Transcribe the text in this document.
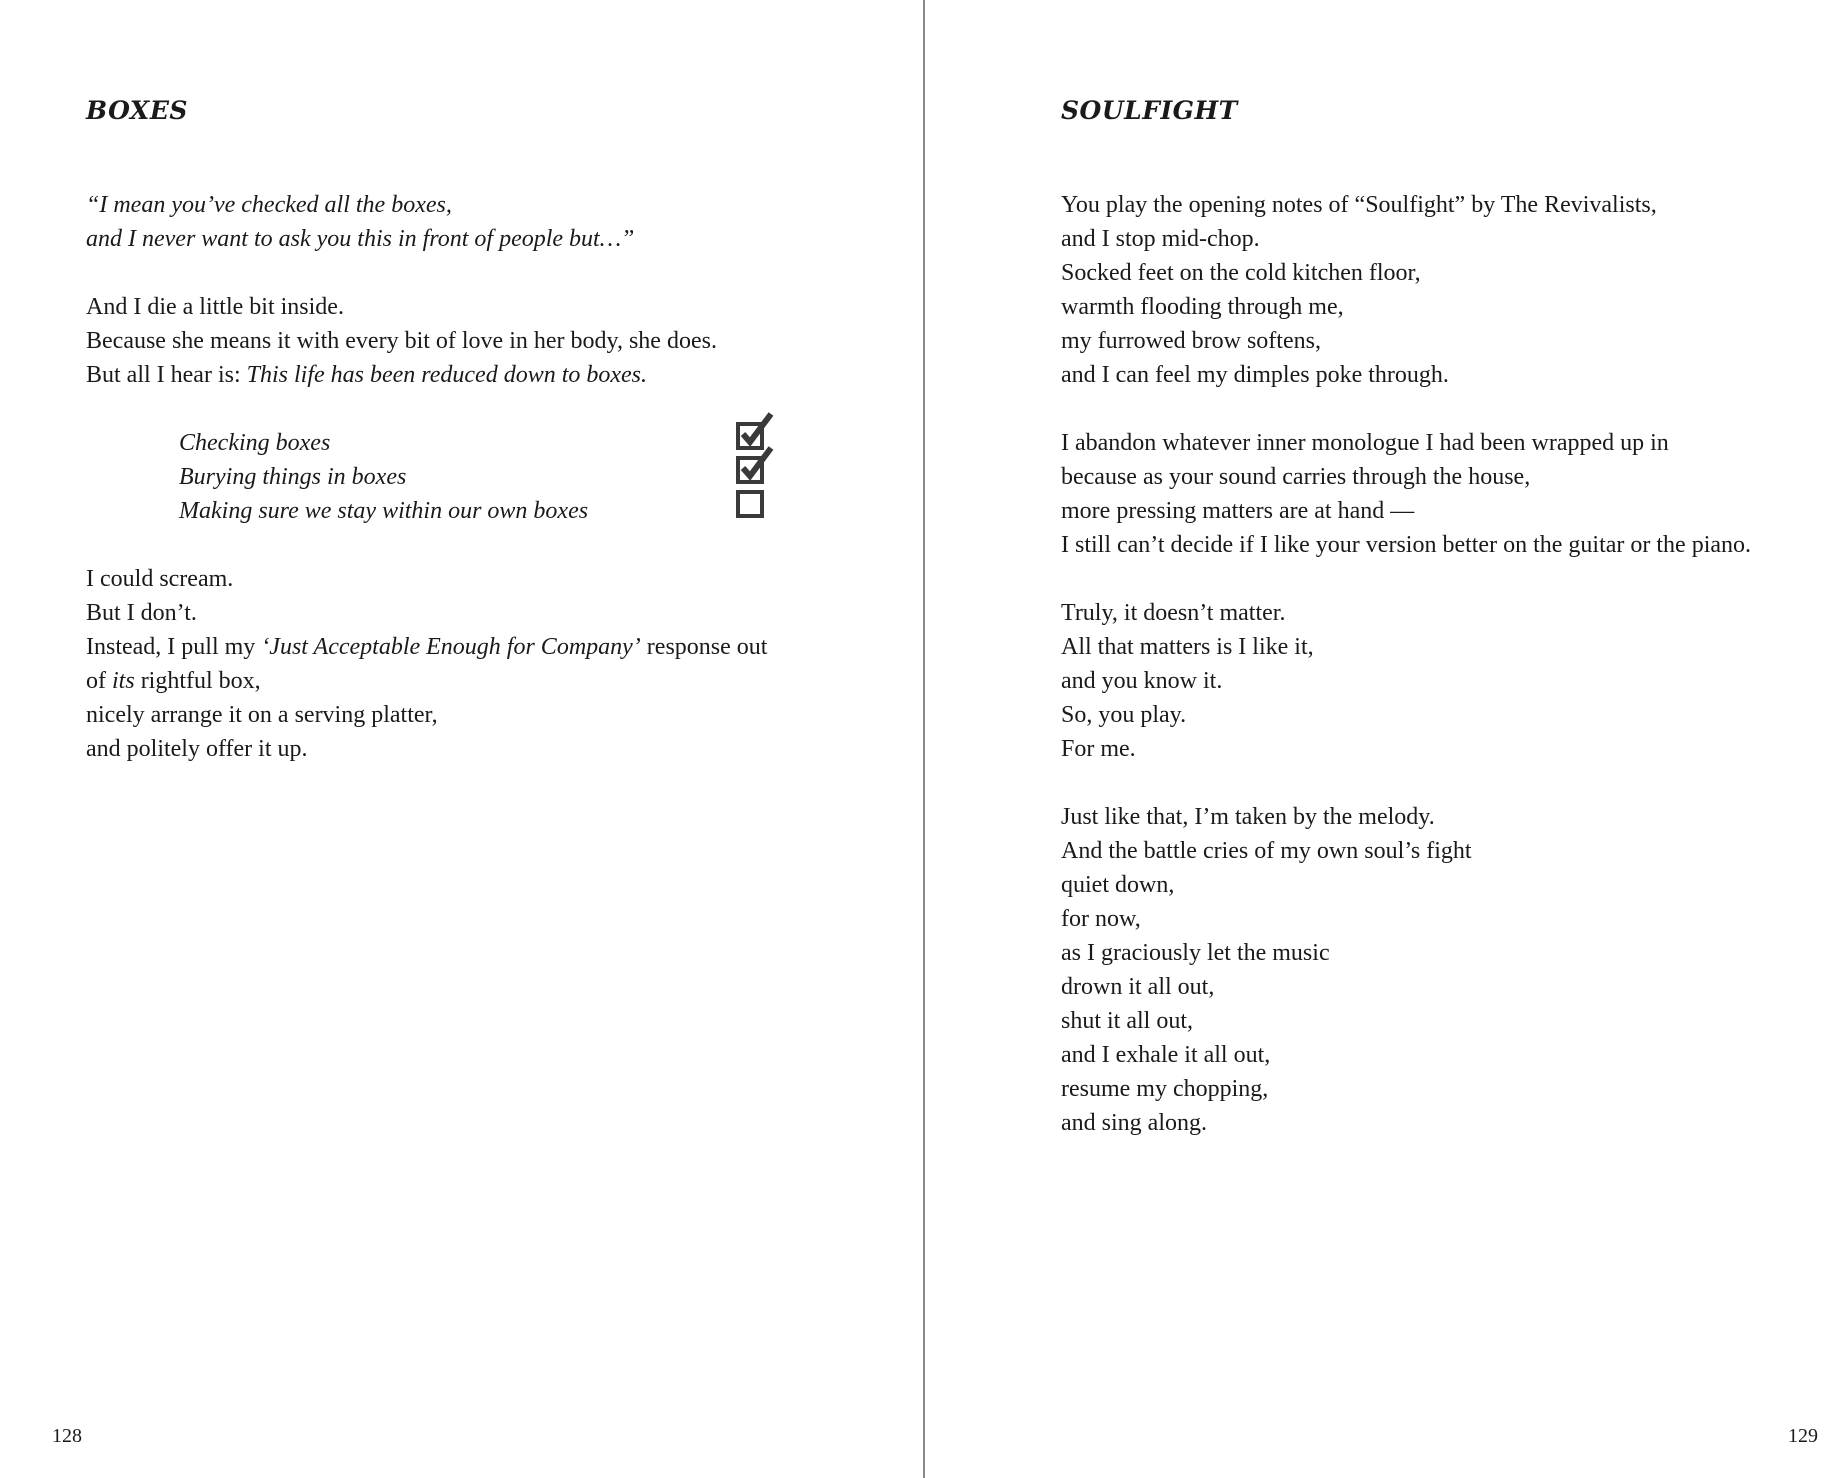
BOXES
“I mean you’ve checked all the boxes,
and I never want to ask you this in front of people but…”
And I die a little bit inside.
Because she means it with every bit of love in her body, she does.
But all I hear is: This life has been reduced down to boxes.
Checking boxes
Burying things in boxes
Making sure we stay within our own boxes
I could scream.
But I don’t.
Instead, I pull my ‘Just Acceptable Enough for Company’ response out
of its rightful box,
nicely arrange it on a serving platter,
and politely offer it up.
128
SOULFIGHT
You play the opening notes of “Soulfight” by The Revivalists,
and I stop mid-chop.
Socked feet on the cold kitchen floor,
warmth flooding through me,
my furrowed brow softens,
and I can feel my dimples poke through.
I abandon whatever inner monologue I had been wrapped up in
because as your sound carries through the house,
more pressing matters are at hand —
I still can’t decide if I like your version better on the guitar or the piano.
Truly, it doesn’t matter.
All that matters is I like it,
and you know it.
So, you play.
For me.
Just like that, I’m taken by the melody.
And the battle cries of my own soul’s fight
quiet down,
for now,
as I graciously let the music
drown it all out,
shut it all out,
and I exhale it all out,
resume my chopping,
and sing along.
129
